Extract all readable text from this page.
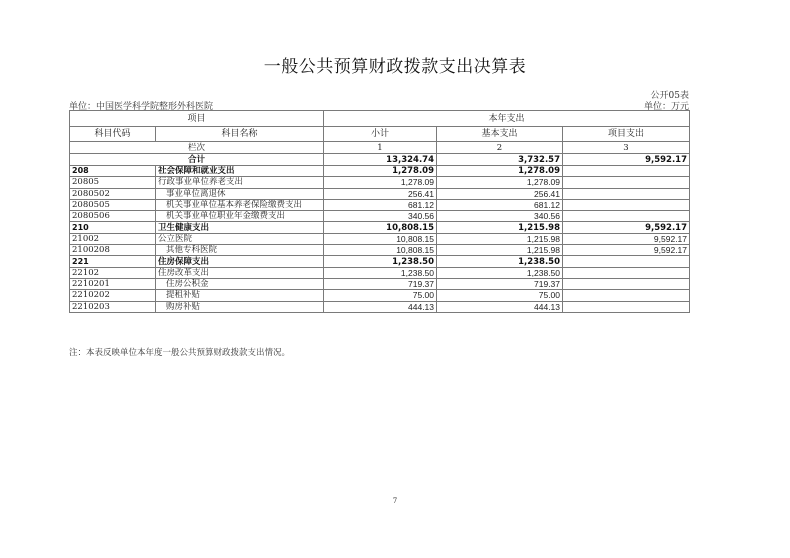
一般公共预算财政拨款支出决算表
公开05表
单位：中国医学科学院整形外科医院	单位：万元
项目		本年支出		
科目代码	科目名称	小计	基本支出	项目支出
栏次		1	2	3
合计		13,324.74	3,732.57	9,592.17
208	社会保障和就业支出	1,278.09	1,278.09	
20805	行政事业单位养老支出	1,278.09	1,278.09	
2080502	事业单位离退休	256.41	256.41	
2080505	机关事业单位基本养老保险缴费支出	681.12	681.12	
2080506	机关事业单位职业年金缴费支出	340.56	340.56	
210	卫生健康支出	10,808.15	1,215.98	9,592.17
21002	公立医院	10,808.15	1,215.98	9,592.17
2100208	其他专科医院	10,808.15	1,215.98	9,592.17
221	住房保障支出	1,238.50	1,238.50	
22102	住房改革支出	1,238.50	1,238.50	
2210201	住房公积金	719.37	719.37	
2210202	提租补贴	75.00	75.00	
2210203	购房补贴	444.13	444.13	
注：本表反映单位本年度一般公共预算财政拨款支出情况。
7
